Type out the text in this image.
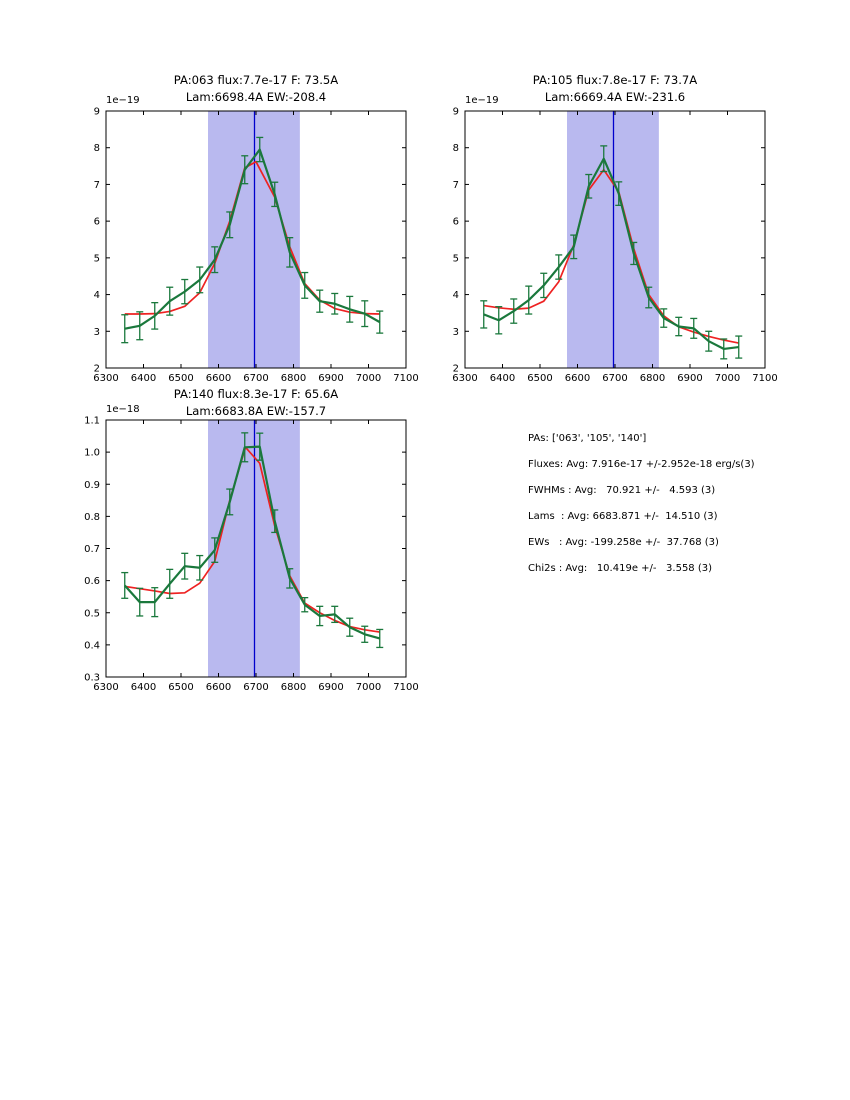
PA:063 flux:7.7e-17 F: 73.5A
Lam:6698.4A EW:-208.4
1e−19
6300 6400 6500 6600 6700 6800 6900 7000 7100
2
3
4
5
6
7
8
9
PA:105 flux:7.8e-17 F: 73.7A
Lam:6669.4A EW:-231.6
1e−19
6300 6400 6500 6600 6700 6800 6900 7000 7100
2
3
4
5
6
7
8
9
PA:140 flux:8.3e-17 F: 65.6A
Lam:6683.8A EW:-157.7
1e−18
6300 6400 6500 6600 6700 6800 6900 7000 7100
0.3
0.4
0.5
0.6
0.7
0.8
0.9
1.0
1.1
PAs: ['063', '105', '140']
Fluxes: Avg: 7.916e-17 +/-2.952e-18 erg/s(3)
FWHMs : Avg:   70.921 +/-   4.593 (3)
Lams  : Avg: 6683.871 +/-  14.510 (3)
EWs   : Avg: -199.258e +/-  37.768 (3)
Chi2s : Avg:   10.419e +/-   3.558 (3)
